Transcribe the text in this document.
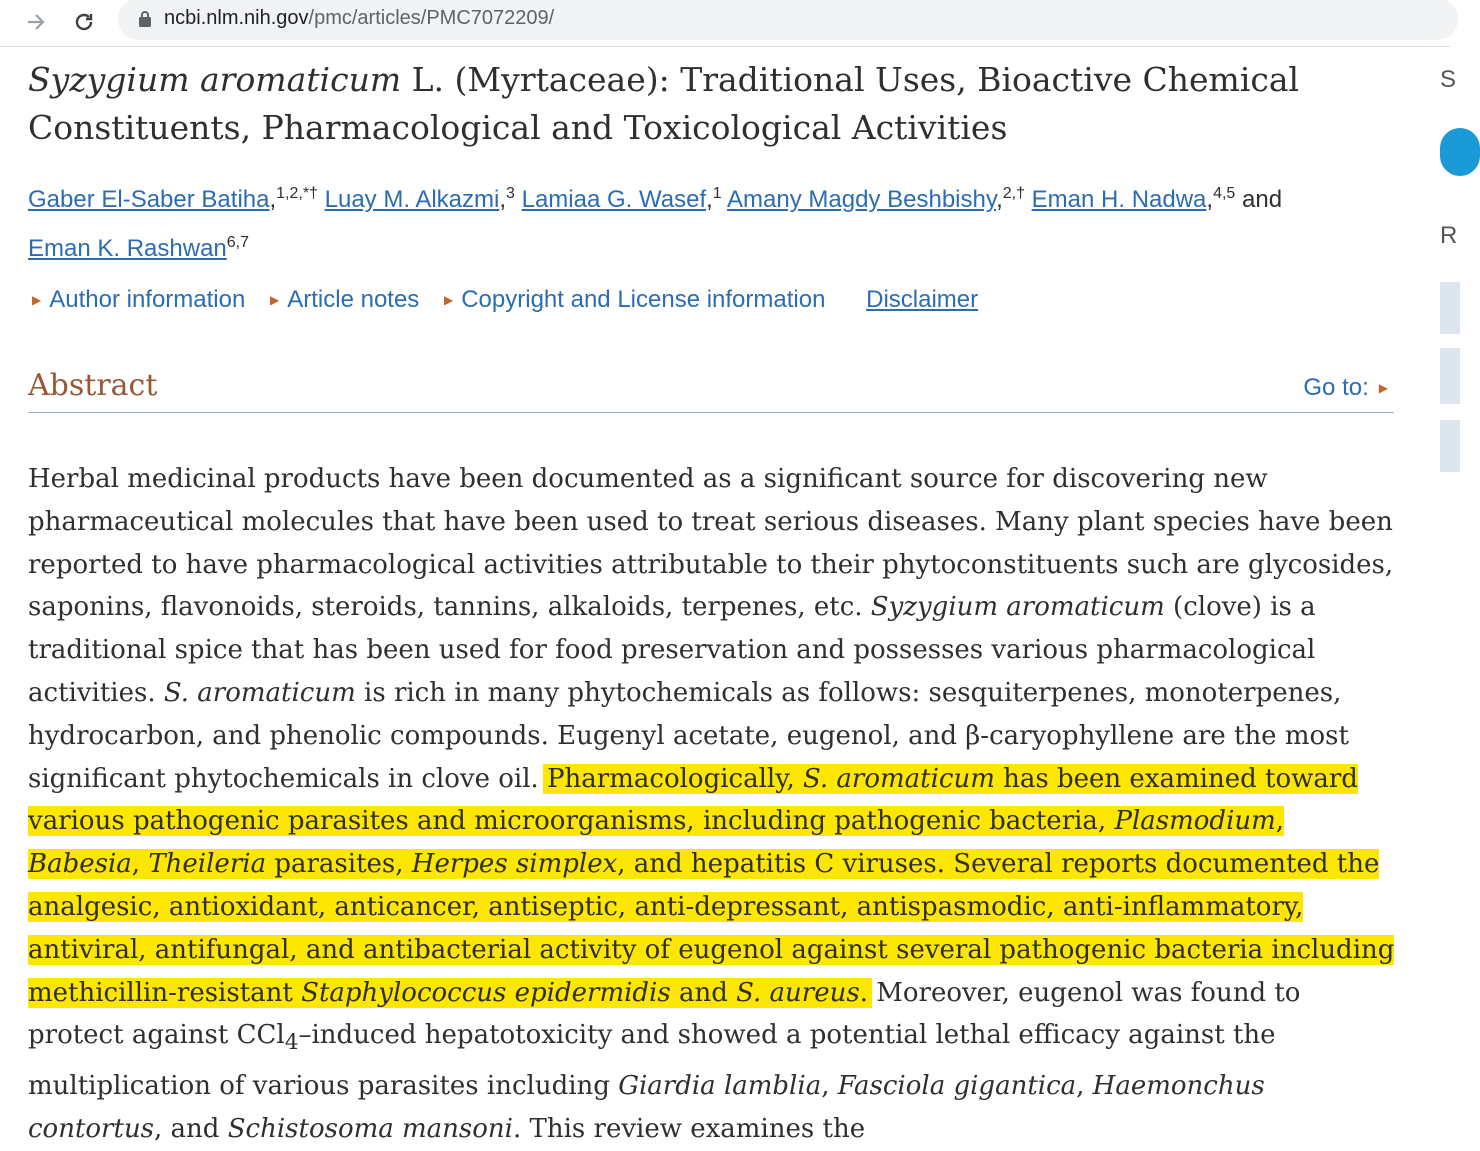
ncbi.nlm.nih.gov/pmc/articles/PMC7072209/
Syzygium aromaticum L. (Myrtaceae): Traditional Uses, Bioactive Chemical
Constituents, Pharmacological and Toxicological Activities
Gaber El-Saber Batiha,$^{1,2,*\dagger}$ Luay M. Alkazmi,$^3$ Lamiaa G. Wasef,$^1$ Amany Magdy Beshbishy,$^{2,\dagger}$ Eman H. Nadwa,$^{4,5}$ and
Eman K. Rashwan$^{6,7}$
▶ Author information ▶ Article notes ▶ Copyright and License information Disclaimer
Abstract	Go to: ▶

Herbal medicinal products have been documented as a significant source for discovering new pharmaceutical molecules that have been used to treat serious diseases. Many plant species have been reported to have pharmacological activities attributable to their phytoconstituents such are glycosides, saponins, flavonoids, steroids, tannins, alkaloids, terpenes, etc. Syzygium aromaticum (clove) is a traditional spice that has been used for food preservation and possesses various pharmacological activities. S. aromaticum is rich in many phytochemicals as follows: sesquiterpenes, monoterpenes, hydrocarbon, and phenolic compounds. Eugenyl acetate, eugenol, and β-caryophyllene are the most significant phytochemicals in clove oil. Pharmacologically, S. aromaticum has been examined toward various pathogenic parasites and microorganisms, including pathogenic bacteria, Plasmodium, Babesia, Theileria parasites, Herpes simplex, and hepatitis C viruses. Several reports documented the analgesic, antioxidant, anticancer, antiseptic, anti-depressant, antispasmodic, anti-inflammatory, antiviral, antifungal, and antibacterial activity of eugenol against several pathogenic bacteria including methicillin-resistant Staphylococcus epidermidis and S. aureus. Moreover, eugenol was found to protect against CCl$_4$–induced hepatotoxicity and showed a potential lethal efficacy against the multiplication of various parasites including Giardia lamblia, Fasciola gigantica, Haemonchus contortus, and Schistosoma mansoni. This review examines the

S
R
